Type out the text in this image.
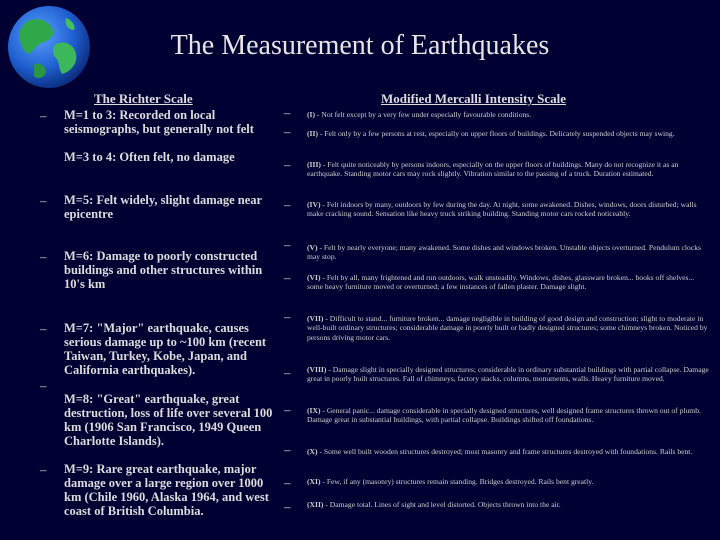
The Measurement of Earthquakes
The Richter Scale	Modified Mercalli Intensity Scale
– M=1 to 3: Recorded on local seismographs, but generally not felt
M=3 to 4: Often felt, no damage
– M=5: Felt widely, slight damage near epicentre
– M=6: Damage to poorly constructed buildings and other structures within 10's km
– M=7: "Major" earthquake, causes serious damage up to ~100 km (recent Taiwan, Turkey, Kobe, Japan, and California earthquakes).
–
M=8: "Great" earthquake, great destruction, loss of life over several 100 km (1906 San Francisco, 1949 Queen Charlotte Islands).
– M=9: Rare great earthquake, major damage over a large region over 1000 km (Chile 1960, Alaska 1964, and west coast of British Columbia.
–
–
–
–
–
–
–
–
–
–
–
–
(I) - Not felt except by a very few under especially favourable conditions.
(II) - Felt only by a few persons at rest, especially on upper floors of buildings. Delicately suspended objects may swing.
(III) - Felt quite noticeably by persons indoors, especially on the upper floors of buildings. Many do not recognize it as an earthquake. Standing motor cars may rock slightly. Vibration similar to the passing of a truck. Duration estimated.
(IV) - Felt indoors by many, outdoors by few during the day. At night, some awakened. Dishes, windows, doors disturbed; walls make cracking sound. Sensation like heavy truck striking building. Standing motor cars rocked noticeably.
(V) - Felt by nearly everyone; many awakened. Some dishes and windows broken. Unstable objects overturned. Pendulum clocks may stop.
(VI) - Felt by all, many frightened and run outdoors, walk unsteadily. Windows, dishes, glassware broken... books off shelves... some heavy furniture moved or overturned; a few instances of fallen plaster. Damage slight.
(VII) - Difficult to stand... furniture broken... damage negligible in building of good design and construction; slight to moderate in well-built ordinary structures; considerable damage in poorly built or badly designed structures; some chimneys broken. Noticed by persons driving motor cars.
(VIII) - Damage slight in specially designed structures; considerable in ordinary substantial buildings with partial collapse. Damage great in poorly built structures. Fall of chimneys, factory stacks, columns, monuments, walls. Heavy furniture moved.
(IX) - General panic... damage considerable in specially designed structures, well designed frame structures thrown out of plumb. Damage great in substantial buildings, with partial collapse. Buildings shifted off foundations.
(X) - Some well built wooden structures destroyed; most masonry and frame structures destroyed with foundations. Rails bent.
(XI) - Few, if any (masonry) structures remain standing. Bridges destroyed. Rails bent greatly.
(XII) - Damage total. Lines of sight and level distorted. Objects thrown into the air.
